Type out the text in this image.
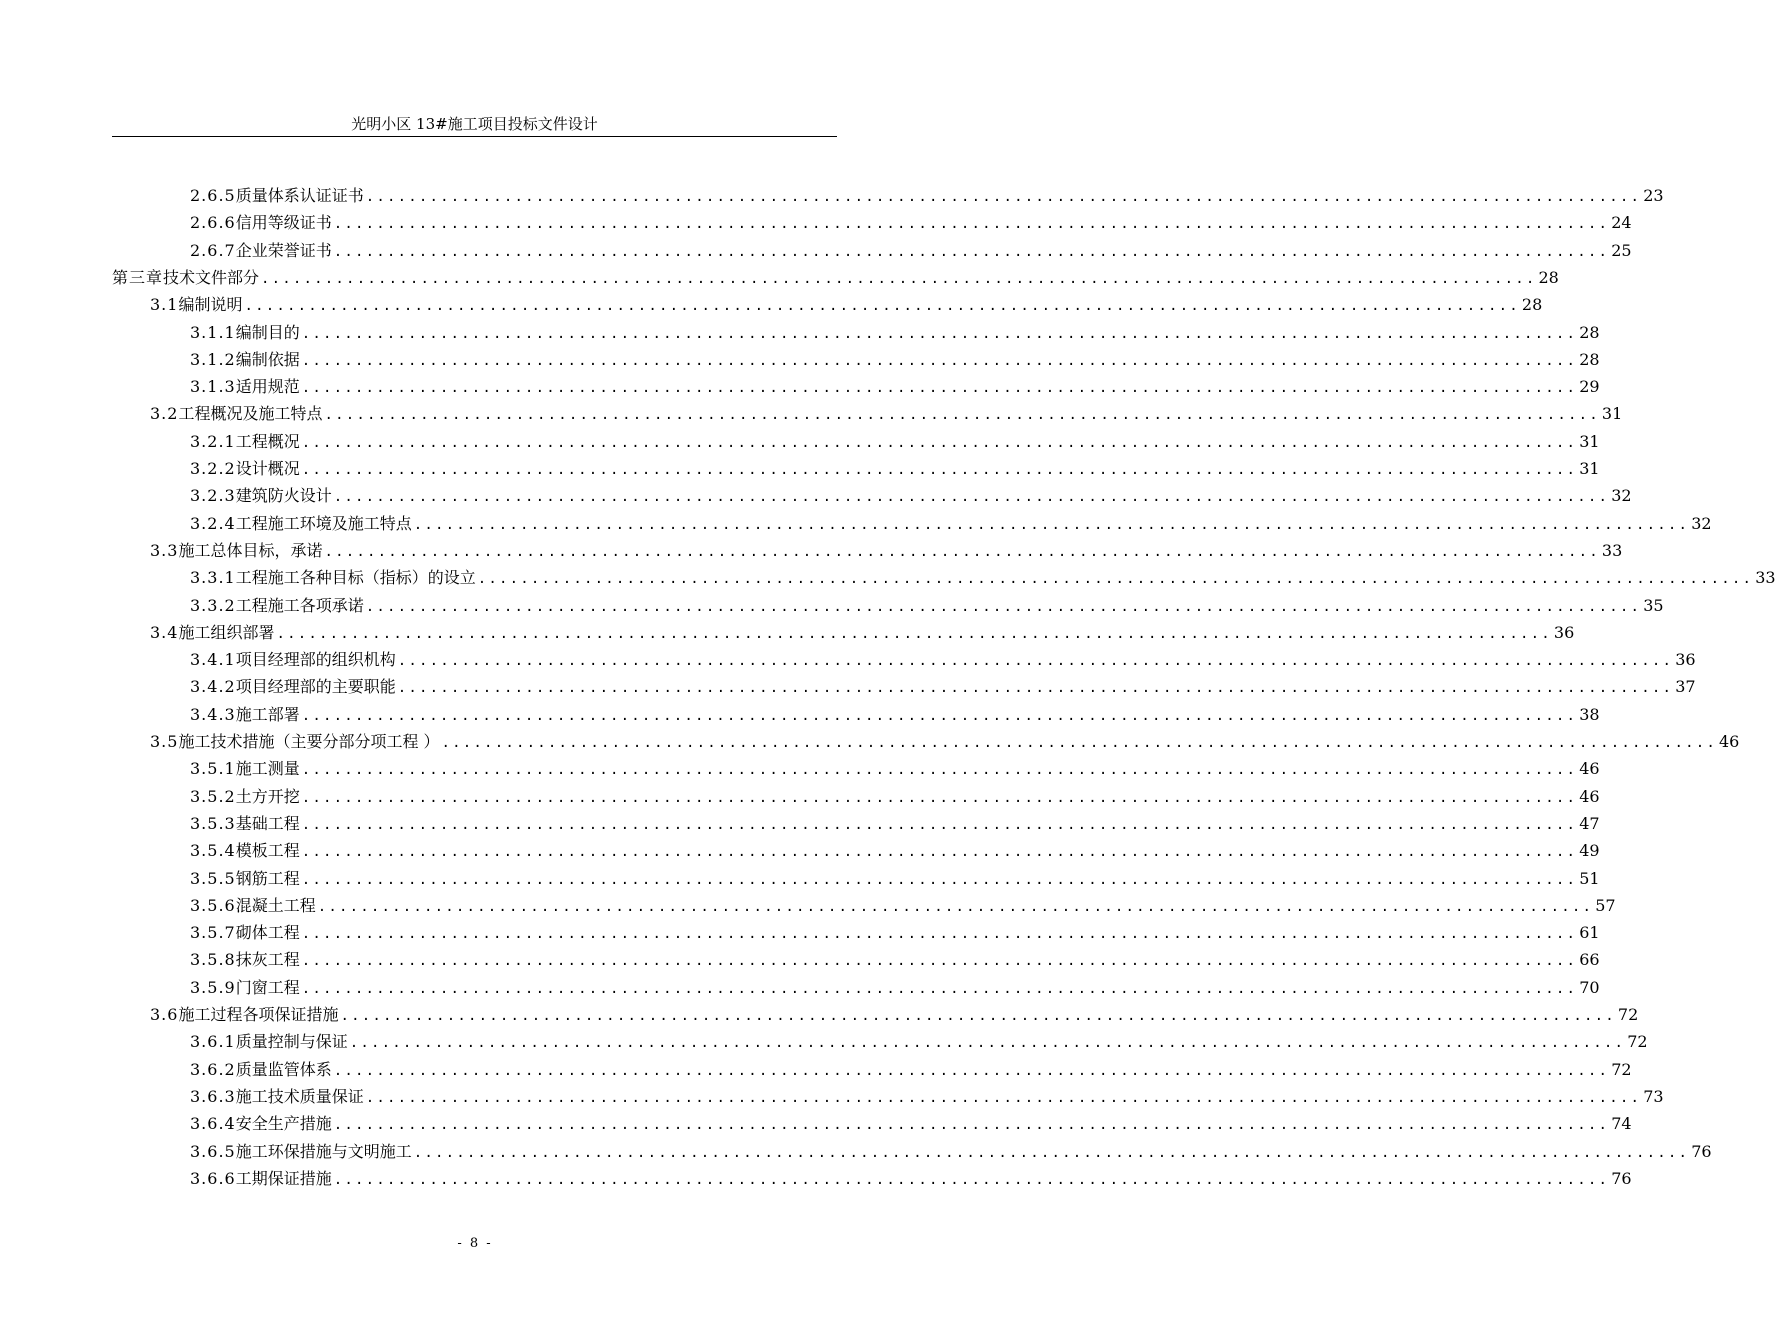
光明小区 13#施工项目投标文件设计
2.6.5 质量体系认证证书 ........................................................................................................................ 23
2.6.6 信用等级证书 ........................................................................................................................ 24
2.6.7 企业荣誉证书 ........................................................................................................................ 25
第三章 技术文件部分 ........................................................................................................................ 28
3.1 编制说明 ........................................................................................................................ 28
3.1.1 编制目的 ........................................................................................................................ 28
3.1.2 编制依据 ........................................................................................................................ 28
3.1.3 适用规范 ........................................................................................................................ 29
3.2 工程概况及施工特点 ........................................................................................................................ 31
3.2.1 工程概况 ........................................................................................................................ 31
3.2.2 设计概况 ........................................................................................................................ 31
3.2.3 建筑防火设计 ........................................................................................................................ 32
3.2.4 工程施工环境及施工特点 ........................................................................................................................ 32
3.3 施工总体目标，承诺 ........................................................................................................................ 33
3.3.1 工程施工各种目标（指标）的设立 ........................................................................................................................ 33
3.3.2 工程施工各项承诺 ........................................................................................................................ 35
3.4 施工组织部署 ........................................................................................................................ 36
3.4.1 项目经理部的组织机构 ........................................................................................................................ 36
3.4.2 项目经理部的主要职能 ........................................................................................................................ 37
3.4.3 施工部署 ........................................................................................................................ 38
3.5 施工技术措施（主要分部分项工程 ） ........................................................................................................................ 46
3.5.1 施工测量 ........................................................................................................................ 46
3.5.2 土方开挖 ........................................................................................................................ 46
3.5.3 基础工程 ........................................................................................................................ 47
3.5.4 模板工程 ........................................................................................................................ 49
3.5.5 钢筋工程 ........................................................................................................................ 51
3.5.6 混凝土工程 ........................................................................................................................ 57
3.5.7 砌体工程 ........................................................................................................................ 61
3.5.8 抹灰工程 ........................................................................................................................ 66
3.5.9 门窗工程 ........................................................................................................................ 70
3.6 施工过程各项保证措施 ........................................................................................................................ 72
3.6.1 质量控制与保证 ........................................................................................................................ 72
3.6.2 质量监管体系 ........................................................................................................................ 72
3.6.3 施工技术质量保证 ........................................................................................................................ 73
3.6.4 安全生产措施 ........................................................................................................................ 74
3.6.5 施工环保措施与文明施工 ........................................................................................................................ 76
3.6.6 工期保证措施 ........................................................................................................................ 76
- 8 -
